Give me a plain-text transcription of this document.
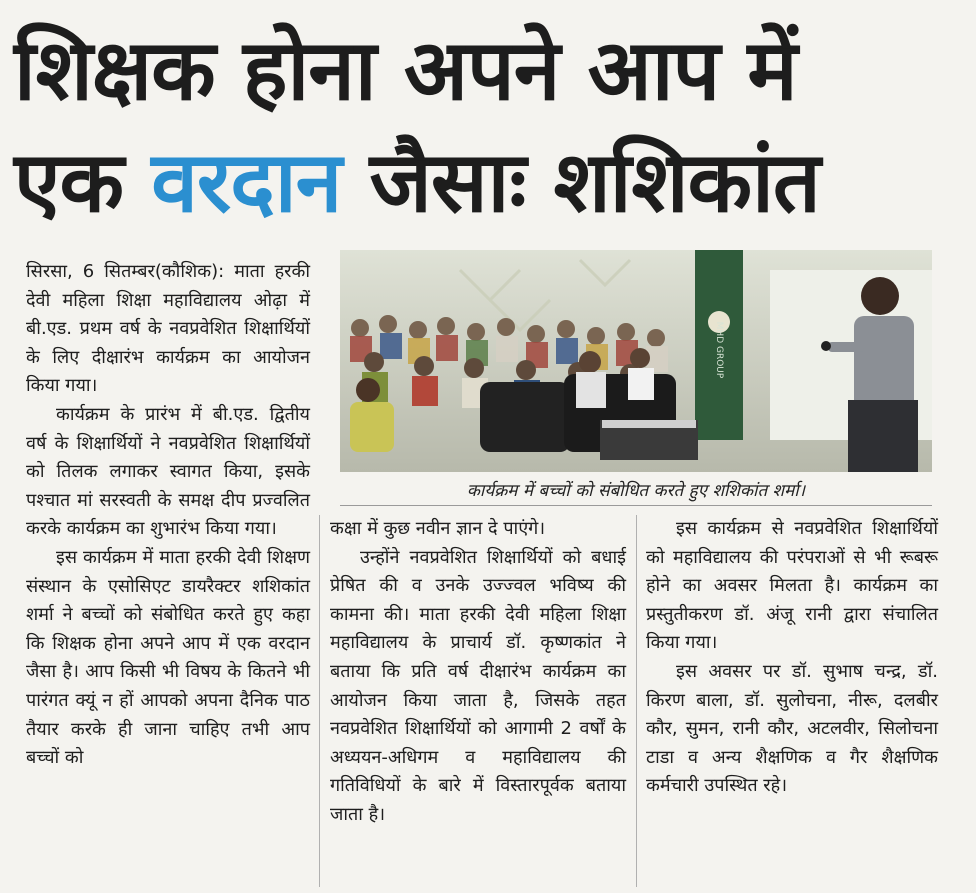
शिक्षक होना अपने आप में
एक वरदान जैसाः शशिकांत
MHD GROUP
कार्यक्रम में बच्चों को संबोधित करते हुए शशिकांत शर्मा।

सिरसा, 6 सितम्बर(कौशिक): माता हरकी देवी महिला शिक्षा महाविद्यालय ओढ़ा में बी.एड. प्रथम वर्ष के नवप्रवेशित शिक्षार्थियों के लिए दीक्षारंभ कार्यक्रम का आयोजन किया गया।

कार्यक्रम के प्रारंभ में बी.एड. द्वितीय वर्ष के शिक्षार्थियों ने नवप्रवेशित शिक्षार्थियों को तिलक लगाकर स्वागत किया, इसके पश्चात मां सरस्वती के समक्ष दीप प्रज्वलित करके कार्यक्रम का शुभारंभ किया गया।

इस कार्यक्रम में माता हरकी देवी शिक्षण संस्थान के एसोसिएट डायरैक्टर शशिकांत शर्मा ने बच्चों को संबोधित करते हुए कहा कि शिक्षक होना अपने आप में एक वरदान जैसा है। आप किसी भी विषय के कितने भी पारंगत क्यूं न हों आपको अपना दैनिक पाठ तैयार करके ही जाना चाहिए तभी आप बच्चों को

कक्षा में कुछ नवीन ज्ञान दे पाएंगे।

उन्होंने नवप्रवेशित शिक्षार्थियों को बधाई प्रेषित की व उनके उज्ज्वल भविष्य की कामना की। माता हरकी देवी महिला शिक्षा महाविद्यालय के प्राचार्य डॉ. कृष्णकांत ने बताया कि प्रति वर्ष दीक्षारंभ कार्यक्रम का आयोजन किया जाता है, जिसके तहत नवप्रवेशित शिक्षार्थियों को आगामी 2 वर्षों के अध्ययन-अधिगम व महाविद्यालय की गतिविधियों के बारे में विस्तारपूर्वक बताया जाता है।

इस कार्यक्रम से नवप्रवेशित शिक्षार्थियों को महाविद्यालय की परंपराओं से भी रूबरू होने का अवसर मिलता है। कार्यक्रम का प्रस्तुतीकरण डॉ. अंजू रानी द्वारा संचालित किया गया।

इस अवसर पर डॉ. सुभाष चन्द्र, डॉ. किरण बाला, डॉ. सुलोचना, नीरू, दलबीर कौर, सुमन, रानी कौर, अटलवीर, सिलोचना टाडा व अन्य शैक्षणिक व गैर शैक्षणिक कर्मचारी उपस्थित रहे।
